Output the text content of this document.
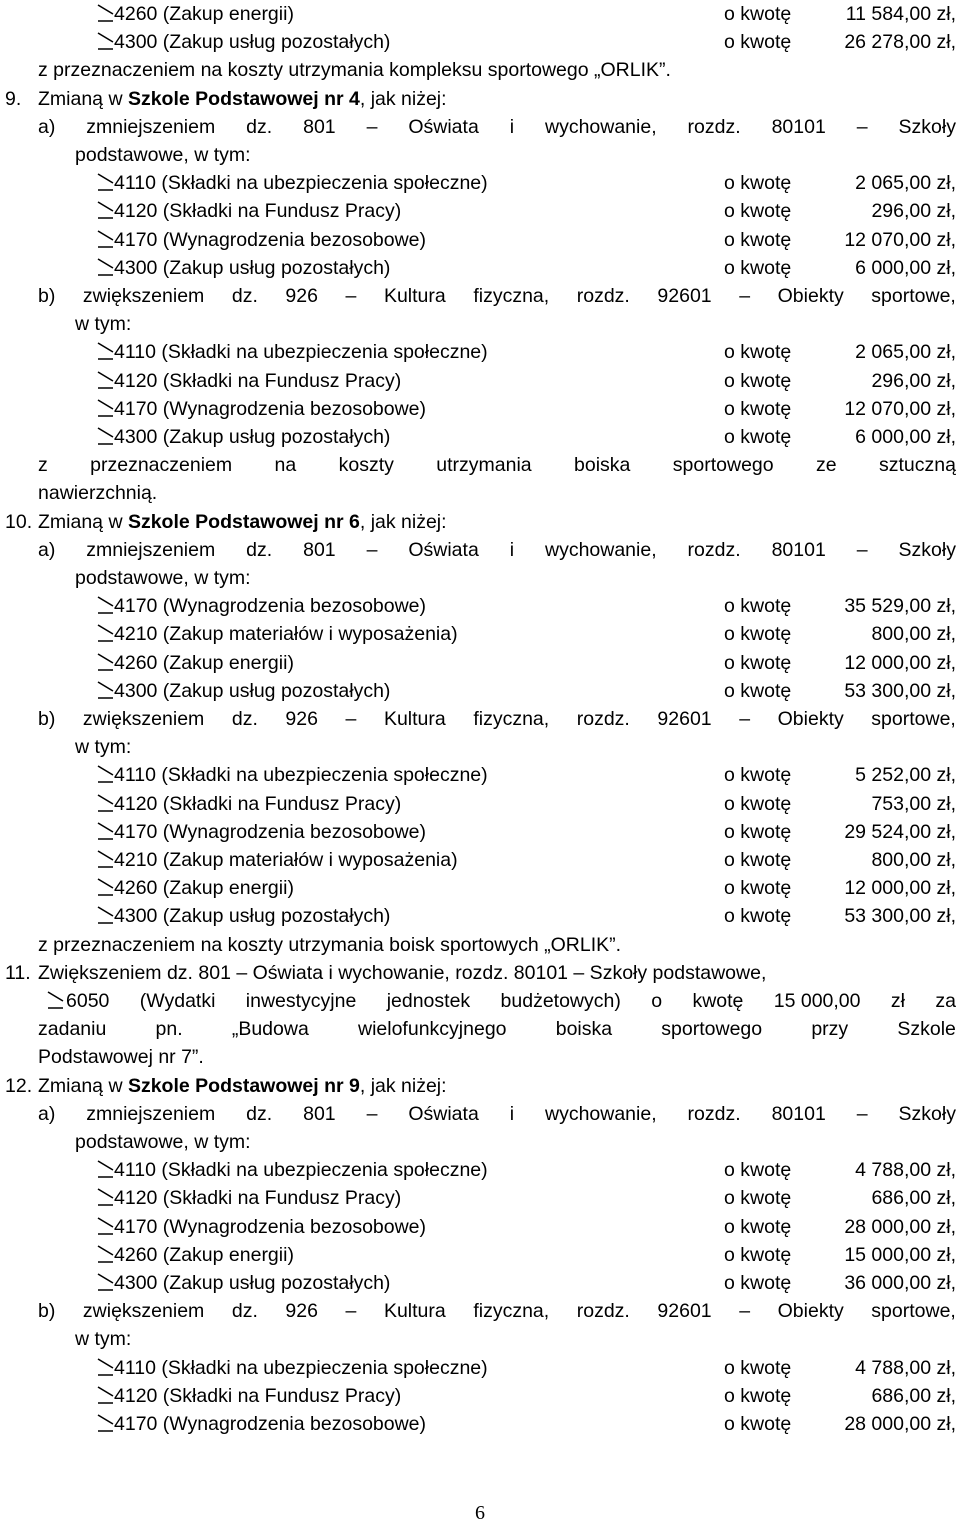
4260 (Zakup energii)	o kwotę	11 584,00 zł,
4300 (Zakup usług pozostałych)	o kwotę	26 278,00 zł,
z przeznaczeniem na koszty utrzymania kompleksu sportowego „ORLIK”.
9. Zmianą w Szkole Podstawowej nr 4, jak niżej:
a) zmniejszeniem dz. 801 – Oświata i wychowanie, rozdz. 80101 – Szkoły
podstawowe, w tym:
4110 (Składki na ubezpieczenia społeczne)	o kwotę	2 065,00 zł,
4120 (Składki na Fundusz Pracy)	o kwotę	296,00 zł,
4170 (Wynagrodzenia bezosobowe)	o kwotę	12 070,00 zł,
4300 (Zakup usług pozostałych)	o kwotę	6 000,00 zł,
b) zwiększeniem dz. 926 – Kultura fizyczna, rozdz. 92601 – Obiekty sportowe,
w tym:
4110 (Składki na ubezpieczenia społeczne)	o kwotę	2 065,00 zł,
4120 (Składki na Fundusz Pracy)	o kwotę	296,00 zł,
4170 (Wynagrodzenia bezosobowe)	o kwotę	12 070,00 zł,
4300 (Zakup usług pozostałych)	o kwotę	6 000,00 zł,
z przeznaczeniem na koszty utrzymania boiska sportowego ze sztuczną
nawierzchnią.
10. Zmianą w Szkole Podstawowej nr 6, jak niżej:
a) zmniejszeniem dz. 801 – Oświata i wychowanie, rozdz. 80101 – Szkoły
podstawowe, w tym:
4170 (Wynagrodzenia bezosobowe)	o kwotę	35 529,00 zł,
4210 (Zakup materiałów i wyposażenia)	o kwotę	800,00 zł,
4260 (Zakup energii)	o kwotę	12 000,00 zł,
4300 (Zakup usług pozostałych)	o kwotę	53 300,00 zł,
b) zwiększeniem dz. 926 – Kultura fizyczna, rozdz. 92601 – Obiekty sportowe,
w tym:
4110 (Składki na ubezpieczenia społeczne)	o kwotę	5 252,00 zł,
4120 (Składki na Fundusz Pracy)	o kwotę	753,00 zł,
4170 (Wynagrodzenia bezosobowe)	o kwotę	29 524,00 zł,
4210 (Zakup materiałów i wyposażenia)	o kwotę	800,00 zł,
4260 (Zakup energii)	o kwotę	12 000,00 zł,
4300 (Zakup usług pozostałych)	o kwotę	53 300,00 zł,
z przeznaczeniem na koszty utrzymania boisk sportowych „ORLIK”.
11. Zwiększeniem dz. 801 – Oświata i wychowanie, rozdz. 80101 – Szkoły podstawowe,
6050 (Wydatki inwestycyjne jednostek budżetowych) o kwotę 15 000,00 zł za
zadaniu	pn.	„Budowa	wielofunkcyjnego	boiska	sportowego	przy	Szkole
Podstawowej nr 7”.
12. Zmianą w Szkole Podstawowej nr 9, jak niżej:
a) zmniejszeniem dz. 801 – Oświata i wychowanie, rozdz. 80101 – Szkoły
podstawowe, w tym:
4110 (Składki na ubezpieczenia społeczne)	o kwotę	4 788,00 zł,
4120 (Składki na Fundusz Pracy)	o kwotę	686,00 zł,
4170 (Wynagrodzenia bezosobowe)	o kwotę	28 000,00 zł,
4260 (Zakup energii)	o kwotę	15 000,00 zł,
4300 (Zakup usług pozostałych)	o kwotę	36 000,00 zł,
b) zwiększeniem dz. 926 – Kultura fizyczna, rozdz. 92601 – Obiekty sportowe,
w tym:
4110 (Składki na ubezpieczenia społeczne)	o kwotę	4 788,00 zł,
4120 (Składki na Fundusz Pracy)	o kwotę	686,00 zł,
4170 (Wynagrodzenia bezosobowe)	o kwotę	28 000,00 zł,
6
